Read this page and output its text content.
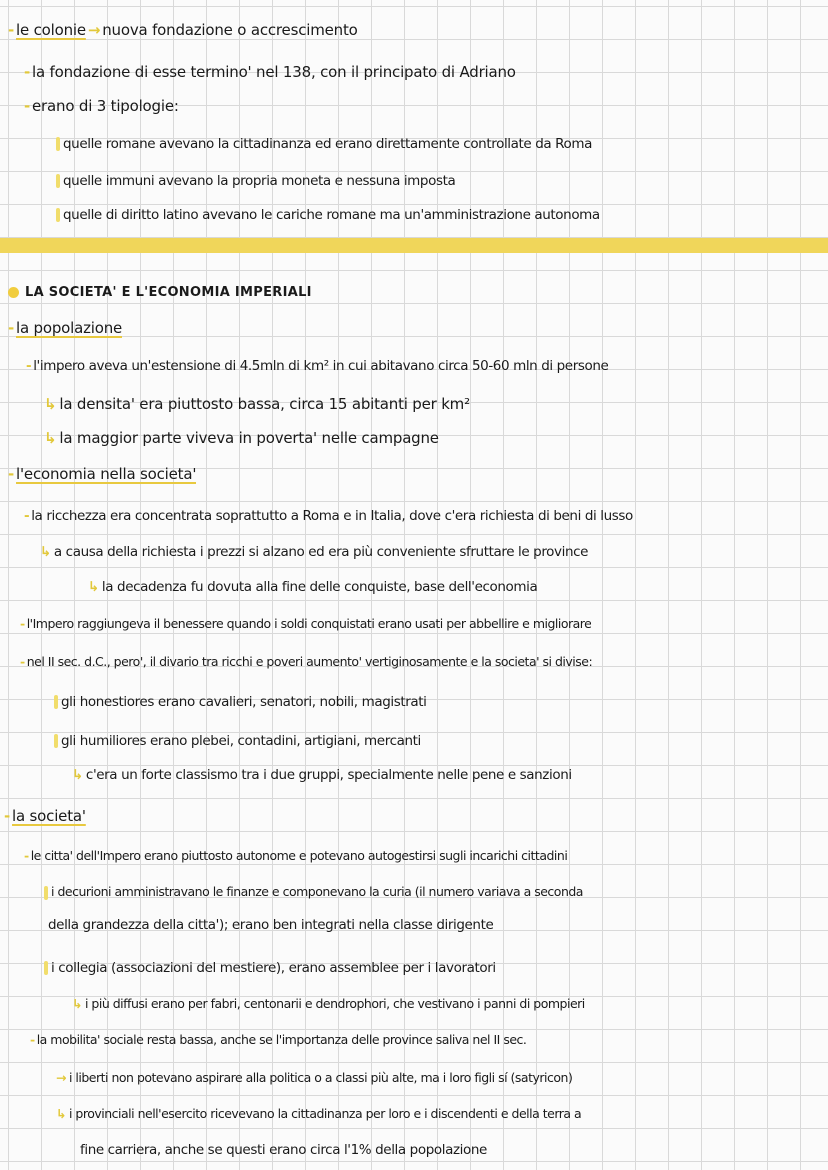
- le colonie → nuova fondazione o accrescimento
- la fondazione di esse termino' nel 138, con il principato di Adriano
- erano di 3 tipologie:
quelle romane avevano la cittadinanza ed erano direttamente controllate da Roma
quelle immuni avevano la propria moneta e nessuna imposta
quelle di diritto latino avevano le cariche romane ma un'amministrazione autonoma
LA SOCIETA' E L'ECONOMIA IMPERIALI
- la popolazione
- l'impero aveva un'estensione di 4.5mln di km² in cui abitavano circa 50-60 mln di persone
↳ la densita' era piuttosto bassa, circa 15 abitanti per km²
↳ la maggior parte viveva in poverta' nelle campagne
- l'economia nella societa'
- la ricchezza era concentrata soprattutto a Roma e in Italia, dove c'era richiesta di beni di lusso
↳ a causa della richiesta i prezzi si alzano ed era più conveniente sfruttare le province
↳ la decadenza fu dovuta alla fine delle conquiste, base dell'economia
- l'Impero raggiungeva il benessere quando i soldi conquistati erano usati per abbellire e migliorare
- nel II sec. d.C., pero', il divario tra ricchi e poveri aumento' vertiginosamente e la societa' si divise:
gli honestiores erano cavalieri, senatori, nobili, magistrati
gli humiliores erano plebei, contadini, artigiani, mercanti
↳ c'era un forte classismo tra i due gruppi, specialmente nelle pene e sanzioni
- la societa'
- le citta' dell'Impero erano piuttosto autonome e potevano autogestirsi sugli incarichi cittadini
i decurioni amministravano le finanze e componevano la curia (il numero variava a seconda
della grandezza della citta'); erano ben integrati nella classe dirigente
i collegia (associazioni del mestiere), erano assemblee per i lavoratori
↳ i più diffusi erano per fabri, centonarii e dendrophori, che vestivano i panni di pompieri
- la mobilita' sociale resta bassa, anche se l'importanza delle province saliva nel II sec.
→ i liberti non potevano aspirare alla politica o a classi più alte, ma i loro figli sí (satyricon)
↳ i provinciali nell'esercito ricevevano la cittadinanza per loro e i discendenti e della terra a
fine carriera, anche se questi erano circa l'1% della popolazione
